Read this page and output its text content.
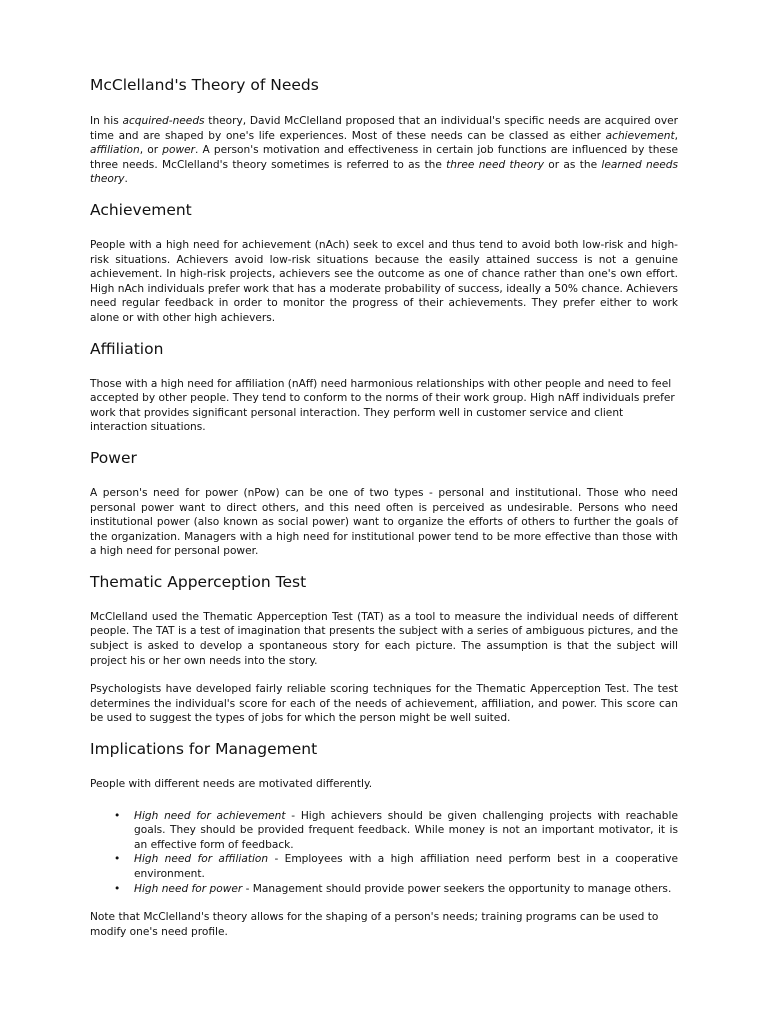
McClelland's Theory of Needs

In his acquired-needs theory, David McClelland proposed that an individual's specific needs are acquired over time and are shaped by one's life experiences. Most of these needs can be classed as either achievement, affiliation, or power. A person's motivation and effectiveness in certain job functions are influenced by these three needs. McClelland's theory sometimes is referred to as the three need theory or as the learned needs theory.

Achievement

People with a high need for achievement (nAch) seek to excel and thus tend to avoid both low-risk and high-risk situations. Achievers avoid low-risk situations because the easily attained success is not a genuine achievement. In high-risk projects, achievers see the outcome as one of chance rather than one's own effort. High nAch individuals prefer work that has a moderate probability of success, ideally a 50% chance. Achievers need regular feedback in order to monitor the progress of their achievements. They prefer either to work alone or with other high achievers.

Affiliation

Those with a high need for affiliation (nAff) need harmonious relationships with other people and need to feel accepted by other people. They tend to conform to the norms of their work group. High nAff individuals prefer work that provides significant personal interaction. They perform well in customer service and client interaction situations.

Power

A person's need for power (nPow) can be one of two types - personal and institutional. Those who need personal power want to direct others, and this need often is perceived as undesirable. Persons who need institutional power (also known as social power) want to organize the efforts of others to further the goals of the organization. Managers with a high need for institutional power tend to be more effective than those with a high need for personal power.

Thematic Apperception Test

McClelland used the Thematic Apperception Test (TAT) as a tool to measure the individual needs of different people. The TAT is a test of imagination that presents the subject with a series of ambiguous pictures, and the subject is asked to develop a spontaneous story for each picture. The assumption is that the subject will project his or her own needs into the story.

Psychologists have developed fairly reliable scoring techniques for the Thematic Apperception Test. The test determines the individual's score for each of the needs of achievement, affiliation, and power. This score can be used to suggest the types of jobs for which the person might be well suited.

Implications for Management

People with different needs are motivated differently.

• High need for achievement - High achievers should be given challenging projects with reachable goals. They should be provided frequent feedback. While money is not an important motivator, it is an effective form of feedback.
• High need for affiliation - Employees with a high affiliation need perform best in a cooperative environment.
• High need for power - Management should provide power seekers the opportunity to manage others.

Note that McClelland's theory allows for the shaping of a person's needs; training programs can be used to modify one's need profile.
